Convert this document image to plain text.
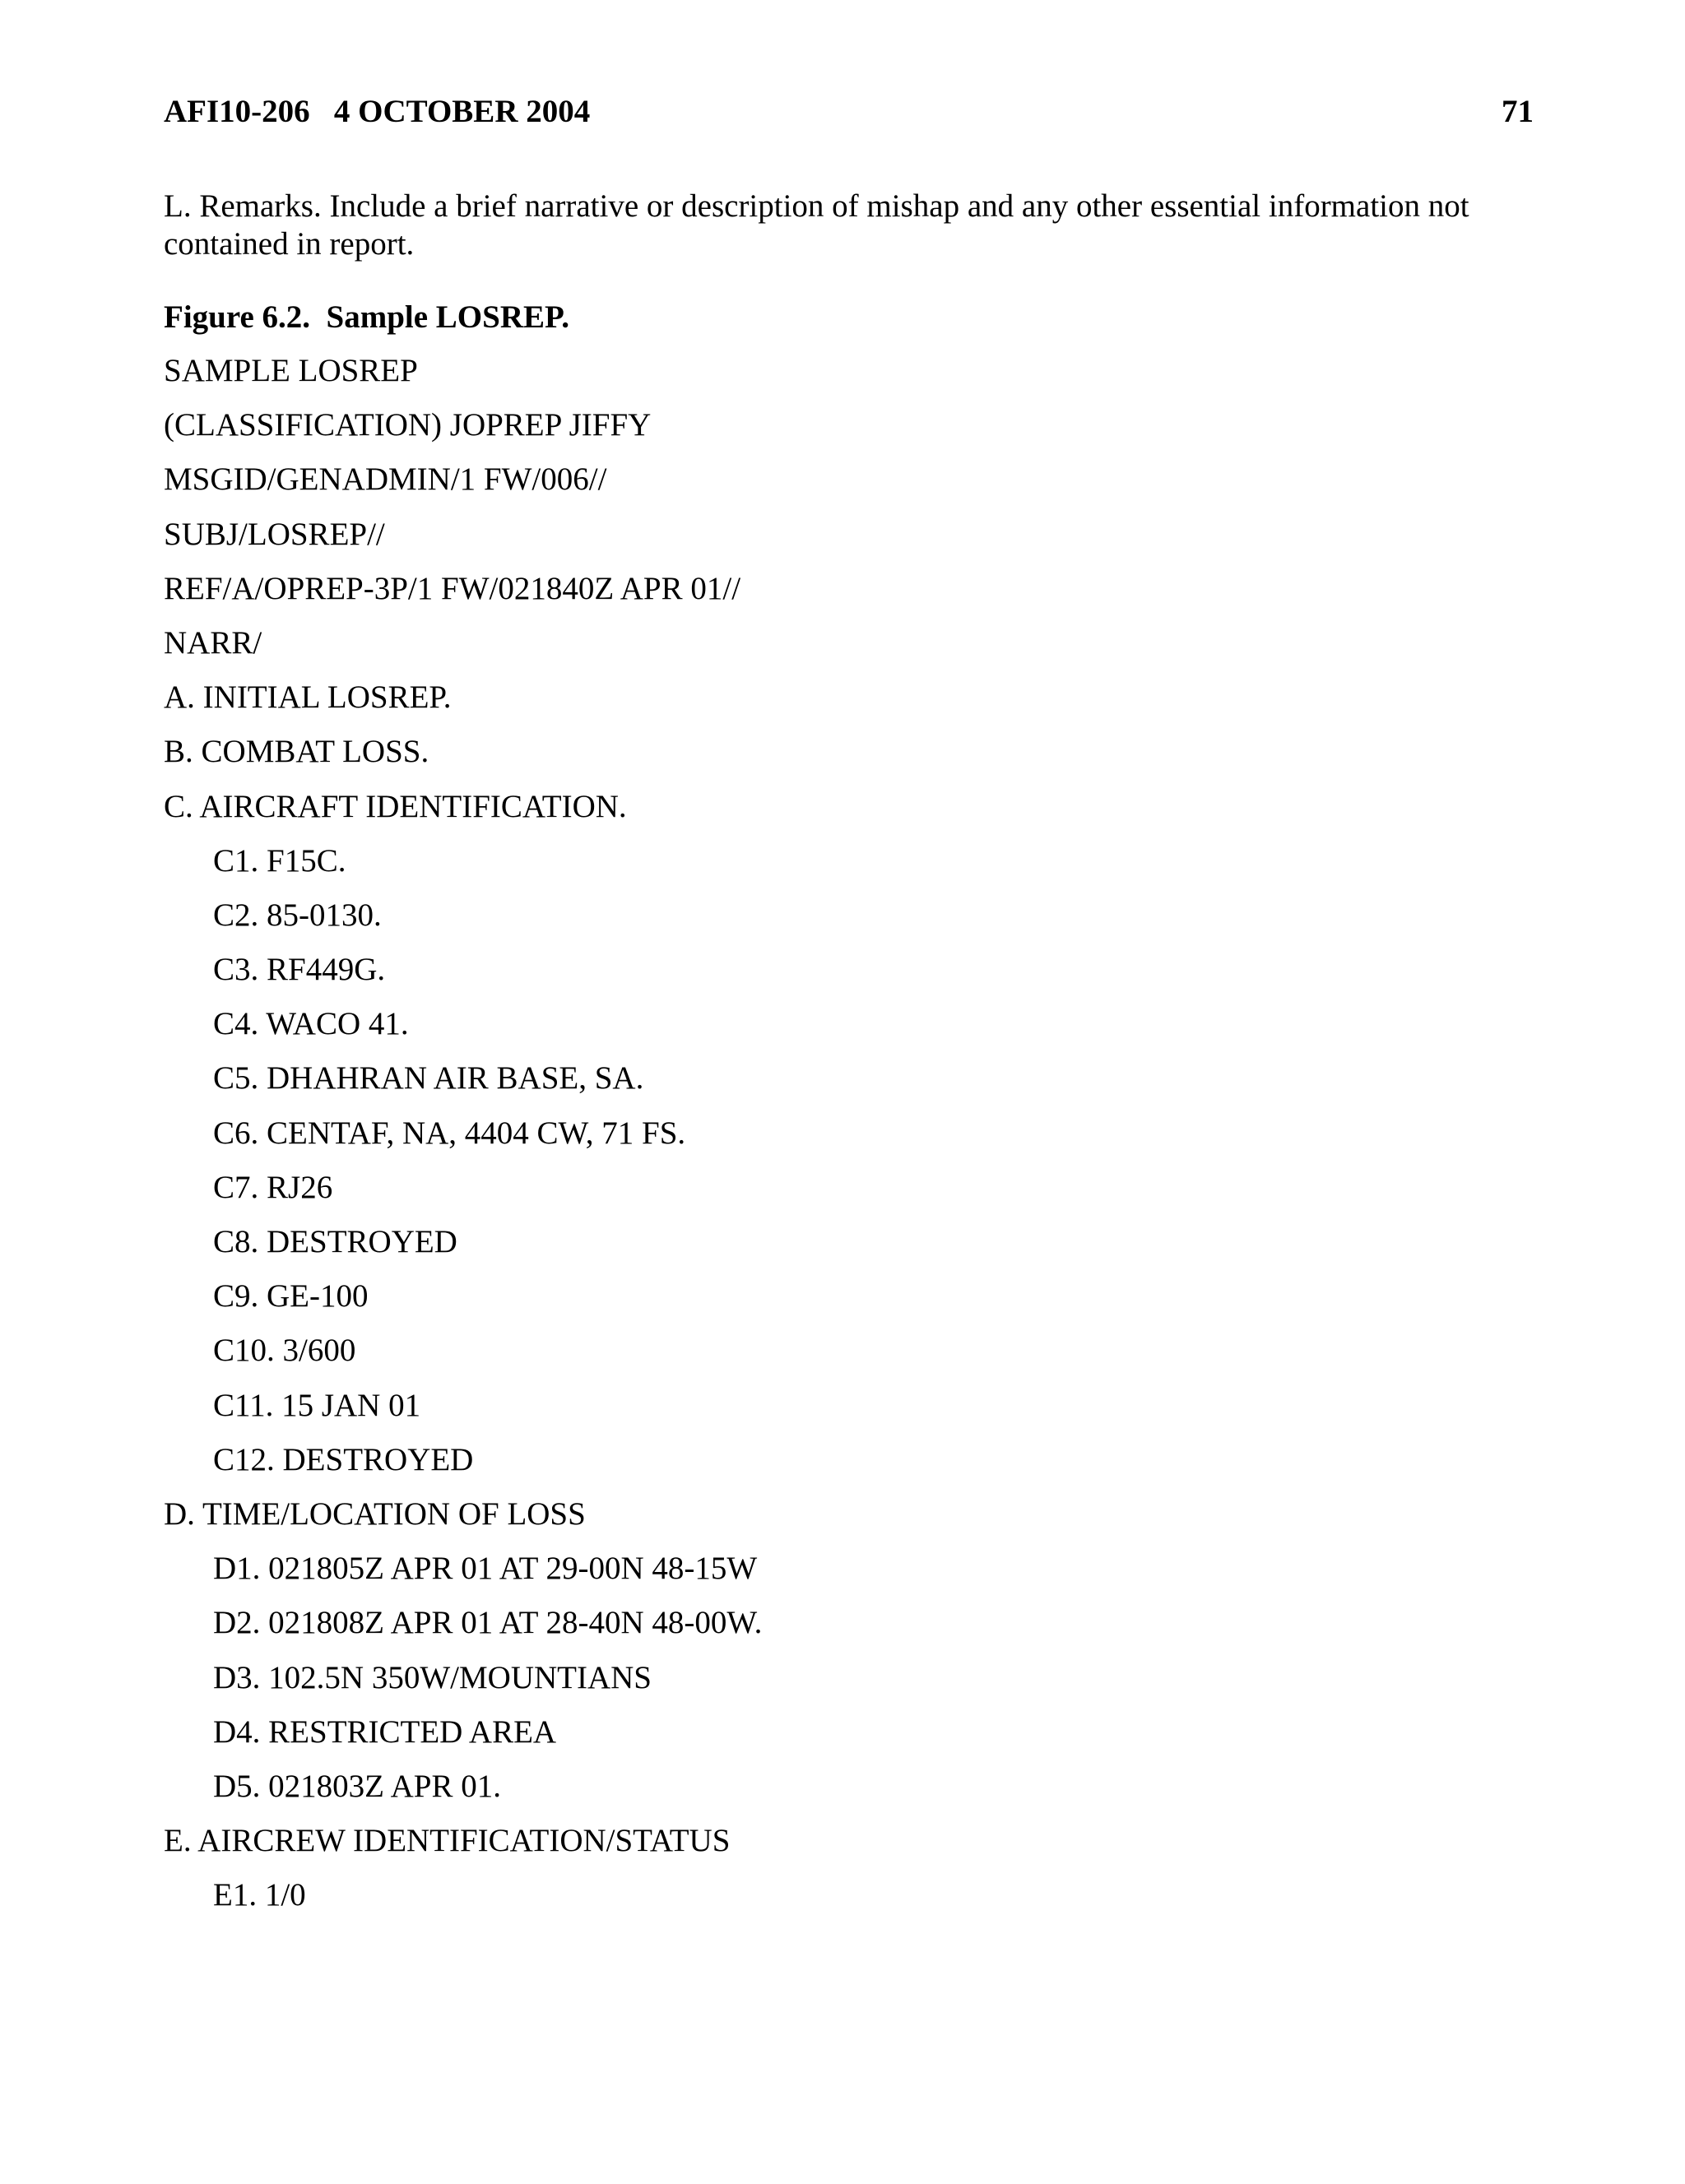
AFI10-206   4 OCTOBER 2004	71
L. Remarks. Include a brief narrative or description of mishap and any other essential information not contained in report.
Figure 6.2.  Sample LOSREP.
SAMPLE LOSREP
(CLASSIFICATION) JOPREP JIFFY
MSGID/GENADMIN/1 FW/006//
SUBJ/LOSREP//
REF/A/OPREP-3P/1 FW/021840Z APR 01//
NARR/
A. INITIAL LOSREP.
B. COMBAT LOSS.
C. AIRCRAFT IDENTIFICATION.
C1. F15C.
C2. 85-0130.
C3. RF449G.
C4. WACO 41.
C5. DHAHRAN AIR BASE, SA.
C6. CENTAF, NA, 4404 CW, 71 FS.
C7. RJ26
C8. DESTROYED
C9. GE-100
C10. 3/600
C11. 15 JAN 01
C12. DESTROYED
D. TIME/LOCATION OF LOSS
D1. 021805Z APR 01 AT 29-00N 48-15W
D2. 021808Z APR 01 AT 28-40N 48-00W.
D3. 102.5N 350W/MOUNTIANS
D4. RESTRICTED AREA
D5. 021803Z APR 01.
E. AIRCREW IDENTIFICATION/STATUS
E1. 1/0
